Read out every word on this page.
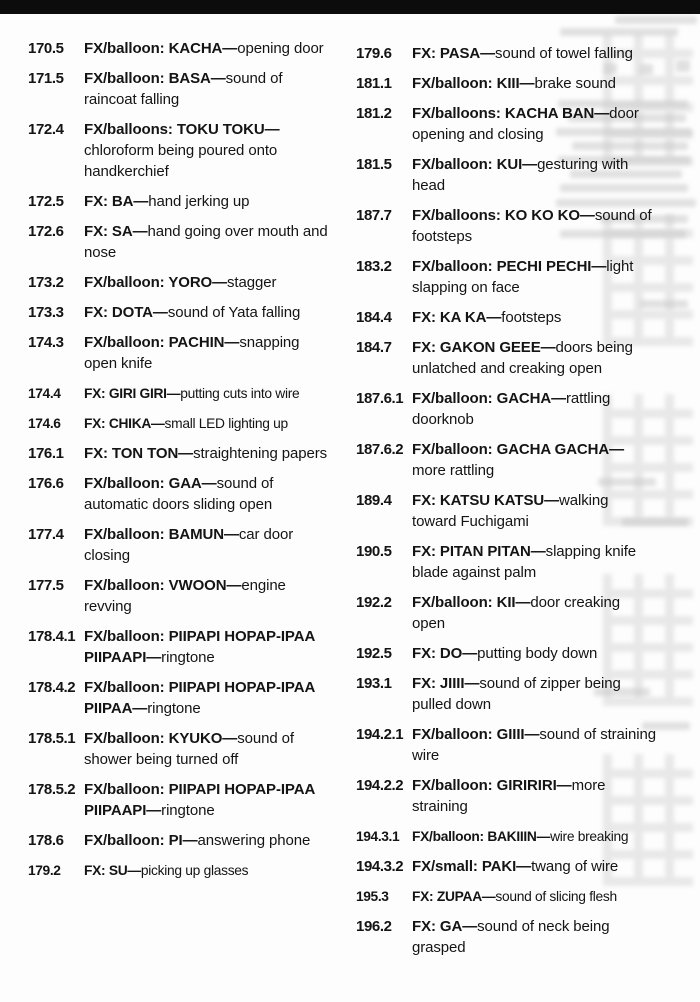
170.5	FX/balloon: KACHA—opening door
171.5	FX/balloon: BASA—sound of raincoat falling
172.4	FX/balloons: TOKU TOKU—chloroform being poured onto handkerchief
172.5	FX: BA—hand jerking up
172.6	FX: SA—hand going over mouth and nose
173.2	FX/balloon: YORO—stagger
173.3	FX: DOTA—sound of Yata falling
174.3	FX/balloon: PACHIN—snapping open knife
174.4	FX: GIRI GIRI—putting cuts into wire
174.6	FX: CHIKA—small LED lighting up
176.1	FX: TON TON—straightening papers
176.6	FX/balloon: GAA—sound of automatic doors sliding open
177.4	FX/balloon: BAMUN—car door closing
177.5	FX/balloon: VWOON—engine revving
178.4.1 FX/balloon: PIIPAPI HOPAP-IPAA PIIPAAPI—ringtone
178.4.2 FX/balloon: PIIPAPI HOPAP-IPAA PIIPAA—ringtone
178.5.1 FX/balloon: KYUKO—sound of shower being turned off
178.5.2 FX/balloon: PIIPAPI HOPAP-IPAA PIIPAAPI—ringtone
178.6	FX/balloon: PI—answering phone
179.2	FX: SU—picking up glasses
179.6	FX: PASA—sound of towel falling
181.1	FX/balloon: KIII—brake sound
181.2	FX/balloons: KACHA BAN—door opening and closing
181.5	FX/balloon: KUI—gesturing with head
187.7	FX/balloons: KO KO KO—sound of footsteps
183.2	FX/balloon: PECHI PECHI—light slapping on face
184.4	FX: KA KA—footsteps
184.7	FX: GAKON GEEE—doors being unlatched and creaking open
187.6.1 FX/balloon: GACHA—rattling doorknob
187.6.2 FX/balloon: GACHA GACHA—more rattling
189.4	FX: KATSU KATSU—walking toward Fuchigami
190.5	FX: PITAN PITAN—slapping knife blade against palm
192.2	FX/balloon: KII—door creaking open
192.5	FX: DO—putting body down
193.1	FX: JIIII—sound of zipper being pulled down
194.2.1 FX/balloon: GIIII—sound of straining wire
194.2.2 FX/balloon: GIRIRIRI—more straining
194.3.1 FX/balloon: BAKIIIN—wire breaking
194.3.2 FX/small: PAKI—twang of wire
195.3	FX: ZUPAA—sound of slicing flesh
196.2	FX: GA—sound of neck being grasped
